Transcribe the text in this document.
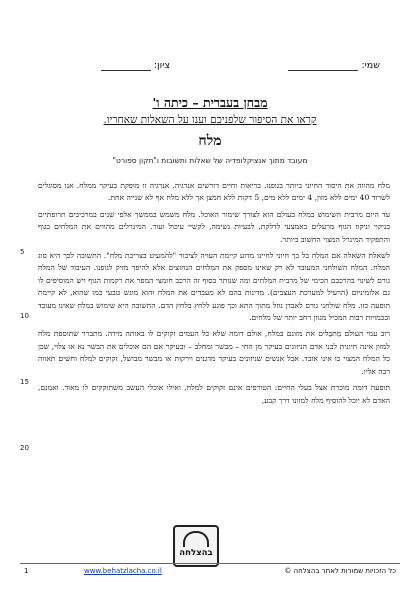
שמי:
ציון:
מבחן בעברית – כיתה ו'
קראו את הסיפור שלפניכם וענו על השאלות שאחריו.
מלח
מעובד מתוך אנציקלופדיה של שאלות ותשובות ו"תקון ספורט"

מלח מהווה את היסוד החיוני ביותר בגופנו. בריאות וחיים דורשים אנרגיה. אנרגיה זו מופקת בעיקר ממלח. אנו מסוגלים לשרוד 40 ימים ללא מזון, 4 ימים ללא מים, 5 דקות ללא חמצן אך ללא מלח אף לא שנייה אחת.

עד היום מרבית השימוש במלח בעולם הוא לצורך שימור האוכל. מלח משמש בממשך אלפי שנים במרכיבים תרופתיים בניקוי וניקוז הגוף מרעלים כאמצעי לדלקת, לבעיות נשימה, לקשיי עיכול ועוד. המינרלים מהווים את המלחים בגוף והתפקיד המינרל המצוי החשוב ביותר.

לשאלת השאלה אם המלח כל כך חיוני לחיינו מדוע קיימת העויה לציבור "להמעיט בצריכת מלח". התשובה לכך היא סוג המלח. המלח השולחני המעובד לא רק שאינו מספק את המלחים הנחוצים אלא להיפך מזיק לגופנו. העיבוד של המלח גורם לשינוי בהרכבם הכימי של מרבית המלחים ומה שנותר בסוף זה הרכב חומצי המפר את רקמות הגוף ויש המוסיפים לו גם אלומיניום (הרעיל למערכת העצבים). מדינות בהם לא מעבדים את המלח והוא מוגש טבעי כמו שהוא, לא קיימת תופעה כזו. מלח שולחני גורם לאבדן נוזל מתוך התא וכך פוגע ללחץ בלחץ הדם. התשובה היא שימוש במלח שאינו מעובד ובכמויות רבות המכיל מגוון רחב יותר של מלחים.

רוב עמי העולם מַתבַּלים את מזונם במלח, אולם דומה שלא כל העמים זקוקים לו באותה מידה. מתברר שתוספת מלח למזון אינה חיונית לבני אדם הניזונים בעיקר מן החי – מבשר ומחלב – ובעיקר אם הם אוכלים את הבשר נא או צלוי, שכן כל המלח המצוי בו אינו אובד. אבל אנשים שניזונים בעיקר מדגנים וירקות או מבשר מבושל, זקוקים למלח וחשים תאווה רבה אליו.

תופעה דומה מוכרת אצל בעלי החיים: הטורפים אינם זקוקים למלח, ואילו אוכלי העשב משתוקקים לו מאוד. ואמנם, האדם לא יוכל להוסיף מלח למזונו דרך קבע,

5
10
15
20
בהצלחה
1	www.behatzlacha.co.il	כל הזכויות שמורות לאתר בהצלחה ©
